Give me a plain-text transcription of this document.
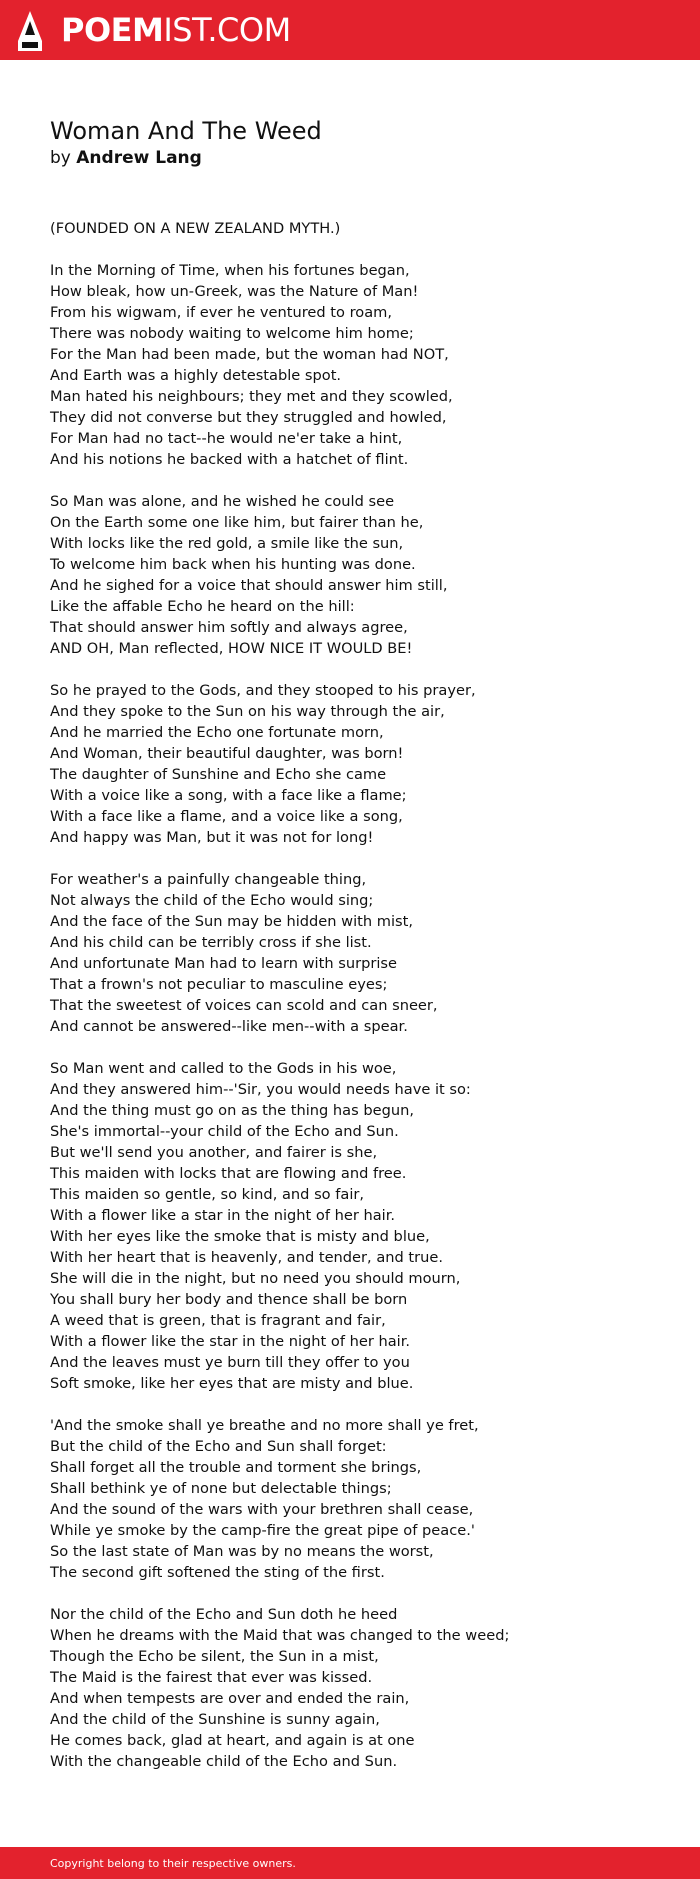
POEMIST.COM
Woman And The Weed
by Andrew Lang
(FOUNDED ON A NEW ZEALAND MYTH.)
In the Morning of Time, when his fortunes began,
How bleak, how un-Greek, was the Nature of Man!
From his wigwam, if ever he ventured to roam,
There was nobody waiting to welcome him home;
For the Man had been made, but the woman had NOT,
And Earth was a highly detestable spot.
Man hated his neighbours; they met and they scowled,
They did not converse but they struggled and howled,
For Man had no tact--he would ne'er take a hint,
And his notions he backed with a hatchet of flint.
So Man was alone, and he wished he could see
On the Earth some one like him, but fairer than he,
With locks like the red gold, a smile like the sun,
To welcome him back when his hunting was done.
And he sighed for a voice that should answer him still,
Like the affable Echo he heard on the hill:
That should answer him softly and always agree,
AND OH, Man reflected, HOW NICE IT WOULD BE!
So he prayed to the Gods, and they stooped to his prayer,
And they spoke to the Sun on his way through the air,
And he married the Echo one fortunate morn,
And Woman, their beautiful daughter, was born!
The daughter of Sunshine and Echo she came
With a voice like a song, with a face like a flame;
With a face like a flame, and a voice like a song,
And happy was Man, but it was not for long!
For weather's a painfully changeable thing,
Not always the child of the Echo would sing;
And the face of the Sun may be hidden with mist,
And his child can be terribly cross if she list.
And unfortunate Man had to learn with surprise
That a frown's not peculiar to masculine eyes;
That the sweetest of voices can scold and can sneer,
And cannot be answered--like men--with a spear.
So Man went and called to the Gods in his woe,
And they answered him--'Sir, you would needs have it so:
And the thing must go on as the thing has begun,
She's immortal--your child of the Echo and Sun.
But we'll send you another, and fairer is she,
This maiden with locks that are flowing and free.
This maiden so gentle, so kind, and so fair,
With a flower like a star in the night of her hair.
With her eyes like the smoke that is misty and blue,
With her heart that is heavenly, and tender, and true.
She will die in the night, but no need you should mourn,
You shall bury her body and thence shall be born
A weed that is green, that is fragrant and fair,
With a flower like the star in the night of her hair.
And the leaves must ye burn till they offer to you
Soft smoke, like her eyes that are misty and blue.
'And the smoke shall ye breathe and no more shall ye fret,
But the child of the Echo and Sun shall forget:
Shall forget all the trouble and torment she brings,
Shall bethink ye of none but delectable things;
And the sound of the wars with your brethren shall cease,
While ye smoke by the camp-fire the great pipe of peace.'
So the last state of Man was by no means the worst,
The second gift softened the sting of the first.
Nor the child of the Echo and Sun doth he heed
When he dreams with the Maid that was changed to the weed;
Though the Echo be silent, the Sun in a mist,
The Maid is the fairest that ever was kissed.
And when tempests are over and ended the rain,
And the child of the Sunshine is sunny again,
He comes back, glad at heart, and again is at one
With the changeable child of the Echo and Sun.
Copyright belong to their respective owners.
